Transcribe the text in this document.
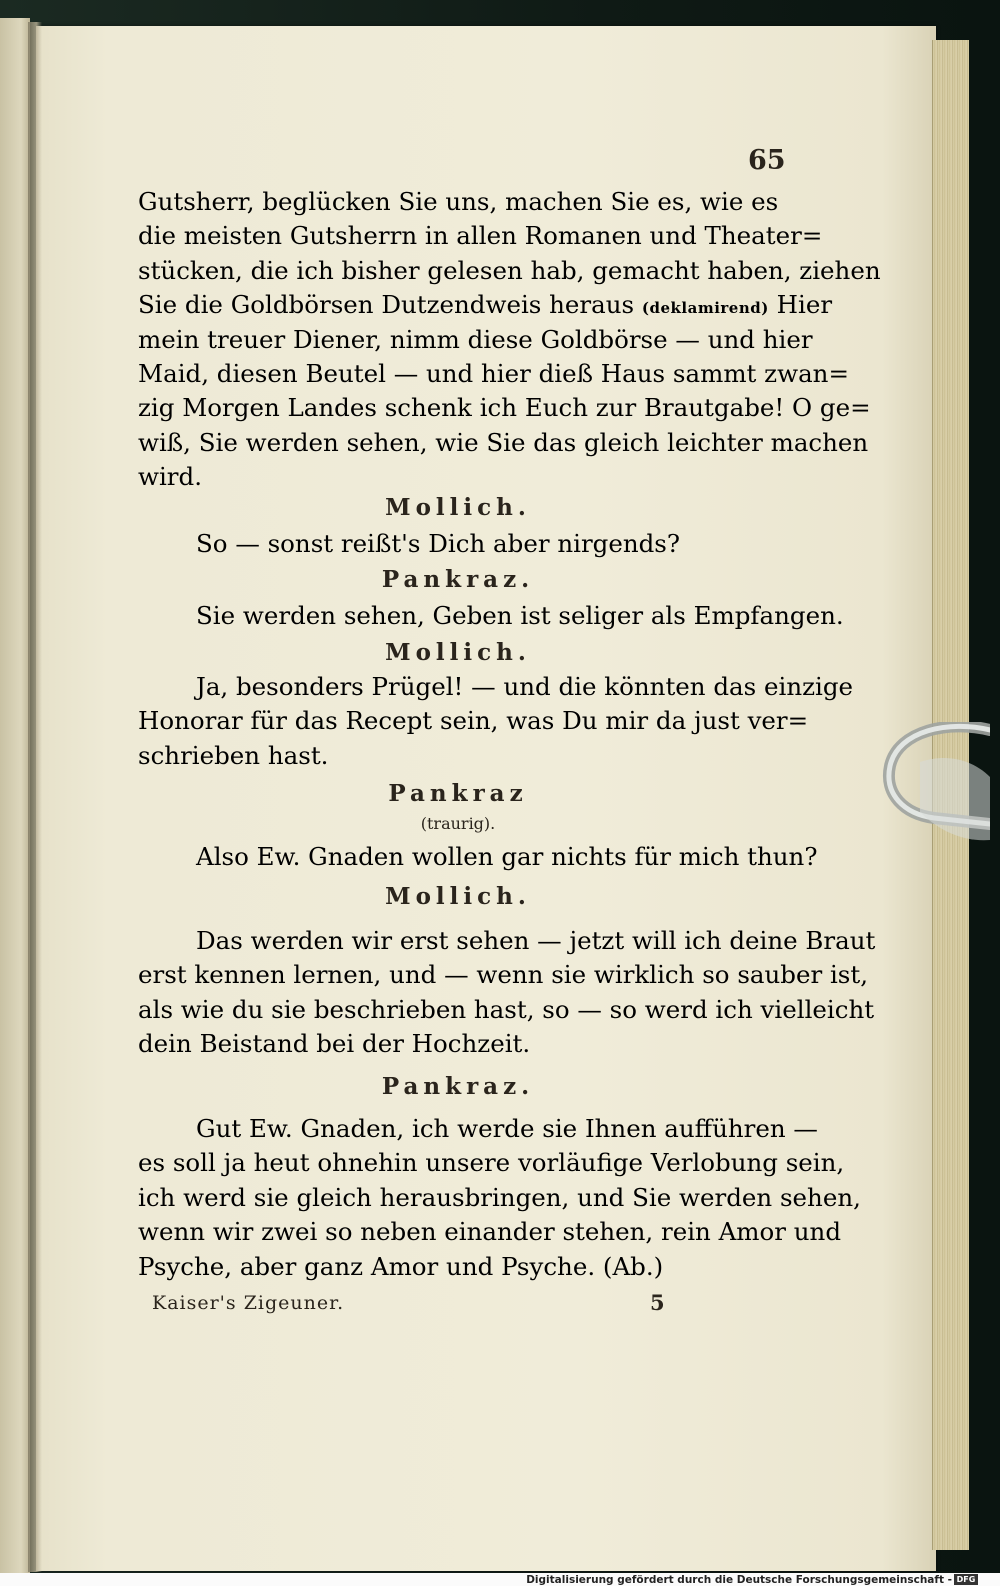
65
Gutsherr, beglücken Sie uns, machen Sie es, wie es
die meisten Gutsherrn in allen Romanen und Theater=
stücken, die ich bisher gelesen hab, gemacht haben, ziehen
Sie die Goldbörsen Dutzendweis heraus (deklamirend) Hier
mein treuer Diener, nimm diese Goldbörse — und hier
Maid, diesen Beutel — und hier dieß Haus sammt zwan=
zig Morgen Landes schenk ich Euch zur Brautgabe! O ge=
wiß, Sie werden sehen, wie Sie das gleich leichter machen
wird.
Mollich.
So — sonst reißt's Dich aber nirgends?
Pankraz.
Sie werden sehen, Geben ist seliger als Empfangen.
Mollich.
Ja, besonders Prügel! — und die könnten das einzige
Honorar für das Recept sein, was Du mir da just ver=
schrieben hast.
Pankraz
(traurig).
Also Ew. Gnaden wollen gar nichts für mich thun?
Mollich.
Das werden wir erst sehen — jetzt will ich deine Braut
erst kennen lernen, und — wenn sie wirklich so sauber ist,
als wie du sie beschrieben hast, so — so werd ich vielleicht
dein Beistand bei der Hochzeit.
Pankraz.
Gut Ew. Gnaden, ich werde sie Ihnen aufführen —
es soll ja heut ohnehin unsere vorläufige Verlobung sein,
ich werd sie gleich herausbringen, und Sie werden sehen,
wenn wir zwei so neben einander stehen, rein Amor und
Psyche, aber ganz Amor und Psyche. (Ab.)
Kaiser's Zigeuner.	5
Digitalisierung gefördert durch die Deutsche Forschungsgemeinschaft - DFG
